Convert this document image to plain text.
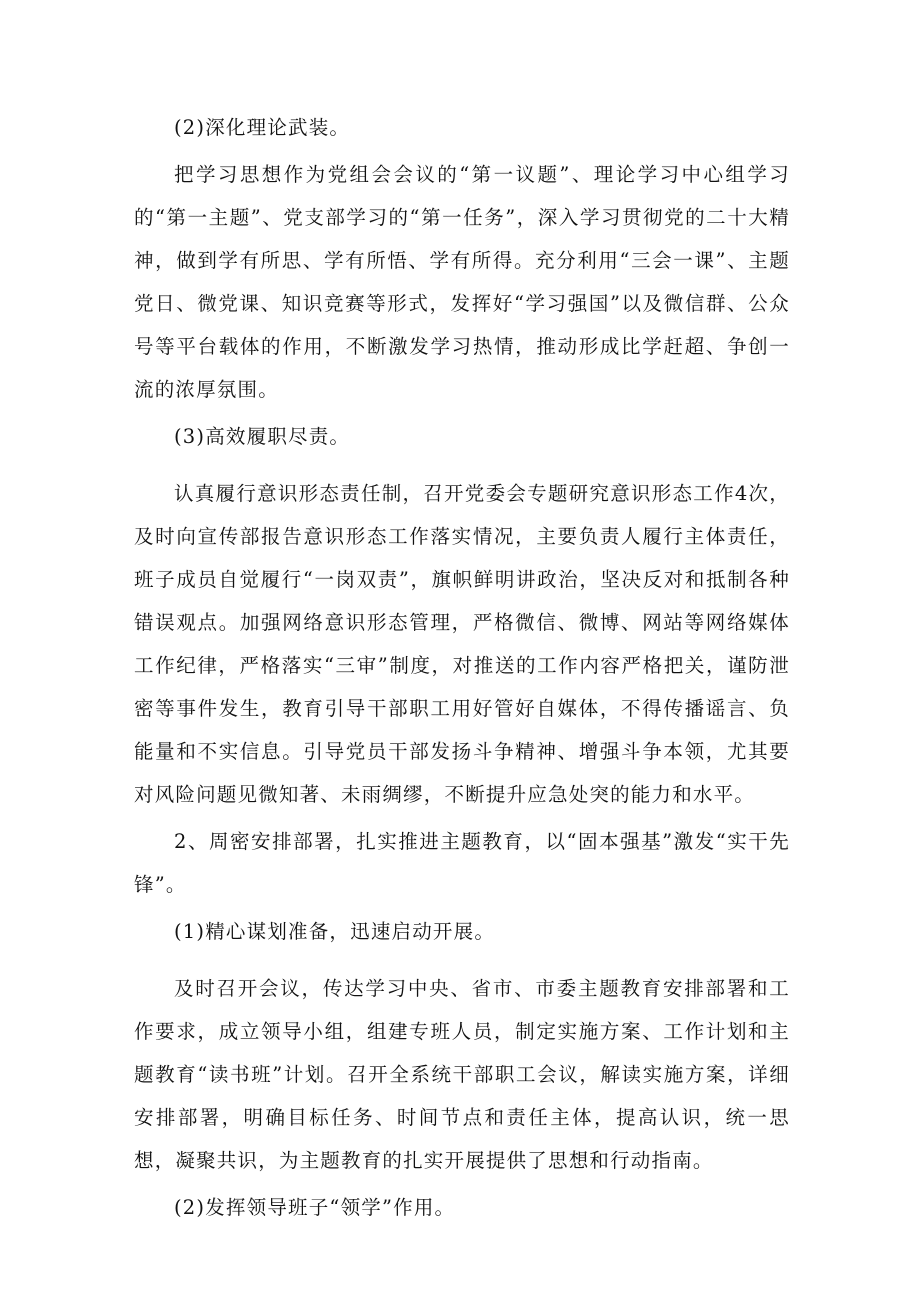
(2)深化理论武装。

把学习思想作为党组会会议的“第一议题”、理论学习中心组学习的“第一主题”、党支部学习的“第一任务”，深入学习贯彻党的二十大精神，做到学有所思、学有所悟、学有所得。充分利用“三会一课”、主题党日、微党课、知识竞赛等形式，发挥好“学习强国”以及微信群、公众号等平台载体的作用，不断激发学习热情，推动形成比学赶超、争创一流的浓厚氛围。

(3)高效履职尽责。

认真履行意识形态责任制，召开党委会专题研究意识形态工作4次，及时向宣传部报告意识形态工作落实情况，主要负责人履行主体责任，班子成员自觉履行“一岗双责”，旗帜鲜明讲政治，坚决反对和抵制各种错误观点。加强网络意识形态管理，严格微信、微博、网站等网络媒体工作纪律，严格落实“三审”制度，对推送的工作内容严格把关，谨防泄密等事件发生，教育引导干部职工用好管好自媒体，不得传播谣言、负能量和不实信息。引导党员干部发扬斗争精神、增强斗争本领，尤其要对风险问题见微知著、未雨绸缪，不断提升应急处突的能力和水平。

2、周密安排部署，扎实推进主题教育，以“固本强基”激发“实干先锋”。

(1)精心谋划准备，迅速启动开展。

及时召开会议，传达学习中央、省市、市委主题教育安排部署和工作要求，成立领导小组，组建专班人员，制定实施方案、工作计划和主题教育“读书班”计划。召开全系统干部职工会议，解读实施方案，详细安排部署，明确目标任务、时间节点和责任主体，提高认识，统一思想，凝聚共识，为主题教育的扎实开展提供了思想和行动指南。

(2)发挥领导班子“领学”作用。
